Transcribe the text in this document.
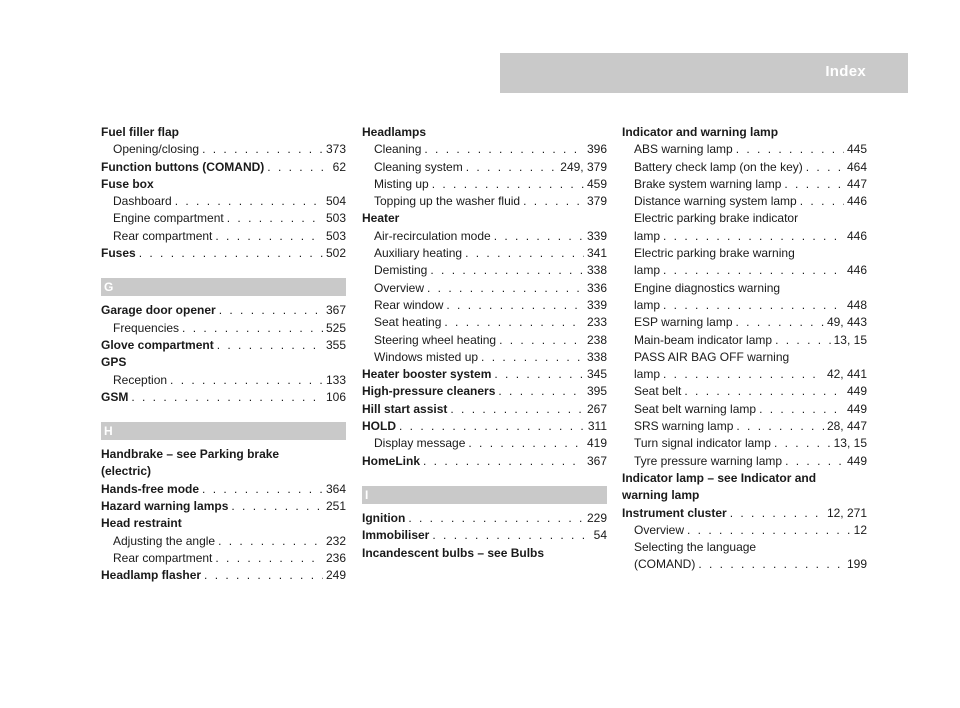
Index
Fuel filler flap
Opening/closing . . .	373
Function buttons (COMAND) . . .	62
Fuse box
Dashboard . . .	504
Engine compartment . . .	503
Rear compartment . . .	503
Fuses . . .	502
G
Garage door opener . . .	367
Frequencies . . .	525
Glove compartment . . .	355
GPS
Reception . . .	133
GSM . . .	106
H
Handbrake – see Parking brake
(electric)
Hands-free mode . . .	364
Hazard warning lamps . . .	251
Head restraint
Adjusting the angle . . .	232
Rear compartment . . .	236
Headlamp flasher . . .	249
Headlamps
Cleaning . . .	396
Cleaning system . . .	249, 379
Misting up . . .	459
Topping up the washer fluid . . .	379
Heater
Air-recirculation mode . . .	339
Auxiliary heating . . .	341
Demisting . . .	338
Overview . . .	336
Rear window . . .	339
Seat heating . . .	233
Steering wheel heating . . .	238
Windows misted up . . .	338
Heater booster system . . .	345
High-pressure cleaners . . .	395
Hill start assist . . .	267
HOLD . . .	311
Display message . . .	419
HomeLink . . .	367
I
Ignition . . .	229
Immobiliser . . .	54
Incandescent bulbs – see Bulbs
Indicator and warning lamp
ABS warning lamp . . .	445
Battery check lamp (on the key) . . .	464
Brake system warning lamp . . .	447
Distance warning system lamp . . .	446
Electric parking brake indicator
lamp . . .	446
Electric parking brake warning
lamp . . .	446
Engine diagnostics warning
lamp . . .	448
ESP warning lamp . . .	49, 443
Main-beam indicator lamp . . .	13, 15
PASS AIR BAG OFF warning
lamp . . .	42, 441
Seat belt . . .	449
Seat belt warning lamp . . .	449
SRS warning lamp . . .	28, 447
Turn signal indicator lamp . . .	13, 15
Tyre pressure warning lamp . . .	449
Indicator lamp – see Indicator and
warning lamp
Instrument cluster . . .	12, 271
Overview . . .	12
Selecting the language
(COMAND) . . .	199
